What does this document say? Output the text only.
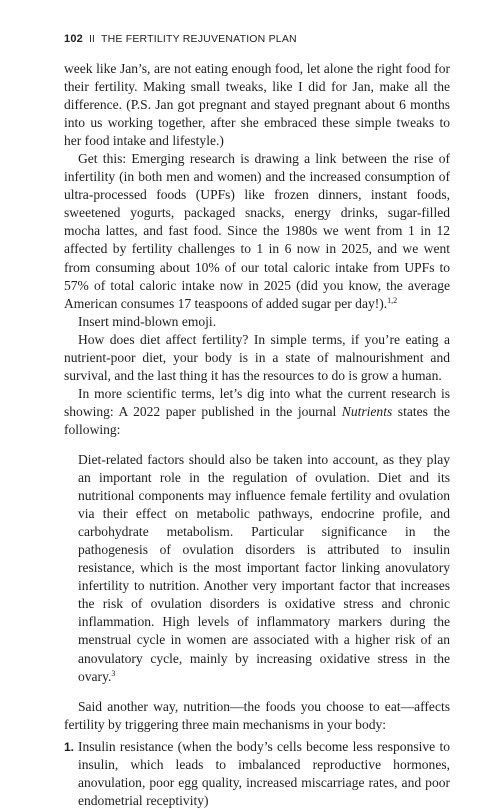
102 II THE FERTILITY REJUVENATION PLAN

week like Jan’s, are not eating enough food, let alone the right food for their fertility. Making small tweaks, like I did for Jan, make all the difference. (P.S. Jan got pregnant and stayed pregnant about 6 months into us working together, after she embraced these simple tweaks to her food intake and lifestyle.)

Get this: Emerging research is drawing a link between the rise of infertility (in both men and women) and the increased consumption of ultra-processed foods (UPFs) like frozen dinners, instant foods, sweetened yogurts, packaged snacks, energy drinks, sugar-filled mocha lattes, and fast food. Since the 1980s we went from 1 in 12 affected by fertility challenges to 1 in 6 now in 2025, and we went from consuming about 10% of our total caloric intake from UPFs to 57% of total caloric intake now in 2025 (did you know, the average American consumes 17 teaspoons of added sugar per day!).$^{1,2}$

Insert mind-blown emoji.

How does diet affect fertility? In simple terms, if you’re eating a nutrient-poor diet, your body is in a state of malnourishment and survival, and the last thing it has the resources to do is grow a human.

In more scientific terms, let’s dig into what the current research is showing: A 2022 paper published in the journal Nutrients states the following:

Diet-related factors should also be taken into account, as they play an important role in the regulation of ovulation. Diet and its nutritional components may influence female fertility and ovulation via their effect on metabolic pathways, endocrine profile, and carbohydrate metabolism. Particular significance in the pathogenesis of ovulation disorders is attributed to insulin resistance, which is the most important factor linking anovulatory infertility to nutrition. Another very important factor that increases the risk of ovulation disorders is oxidative stress and chronic inflammation. High levels of inflammatory markers during the menstrual cycle in women are associated with a higher risk of an anovulatory cycle, mainly by increasing oxidative stress in the ovary.$^3$

Said another way, nutrition—the foods you choose to eat—affects fertility by triggering three main mechanisms in your body:

1. Insulin resistance (when the body’s cells become less responsive to insulin, which leads to imbalanced reproductive hormones, anovulation, poor egg quality, increased miscarriage rates, and poor endometrial receptivity)
